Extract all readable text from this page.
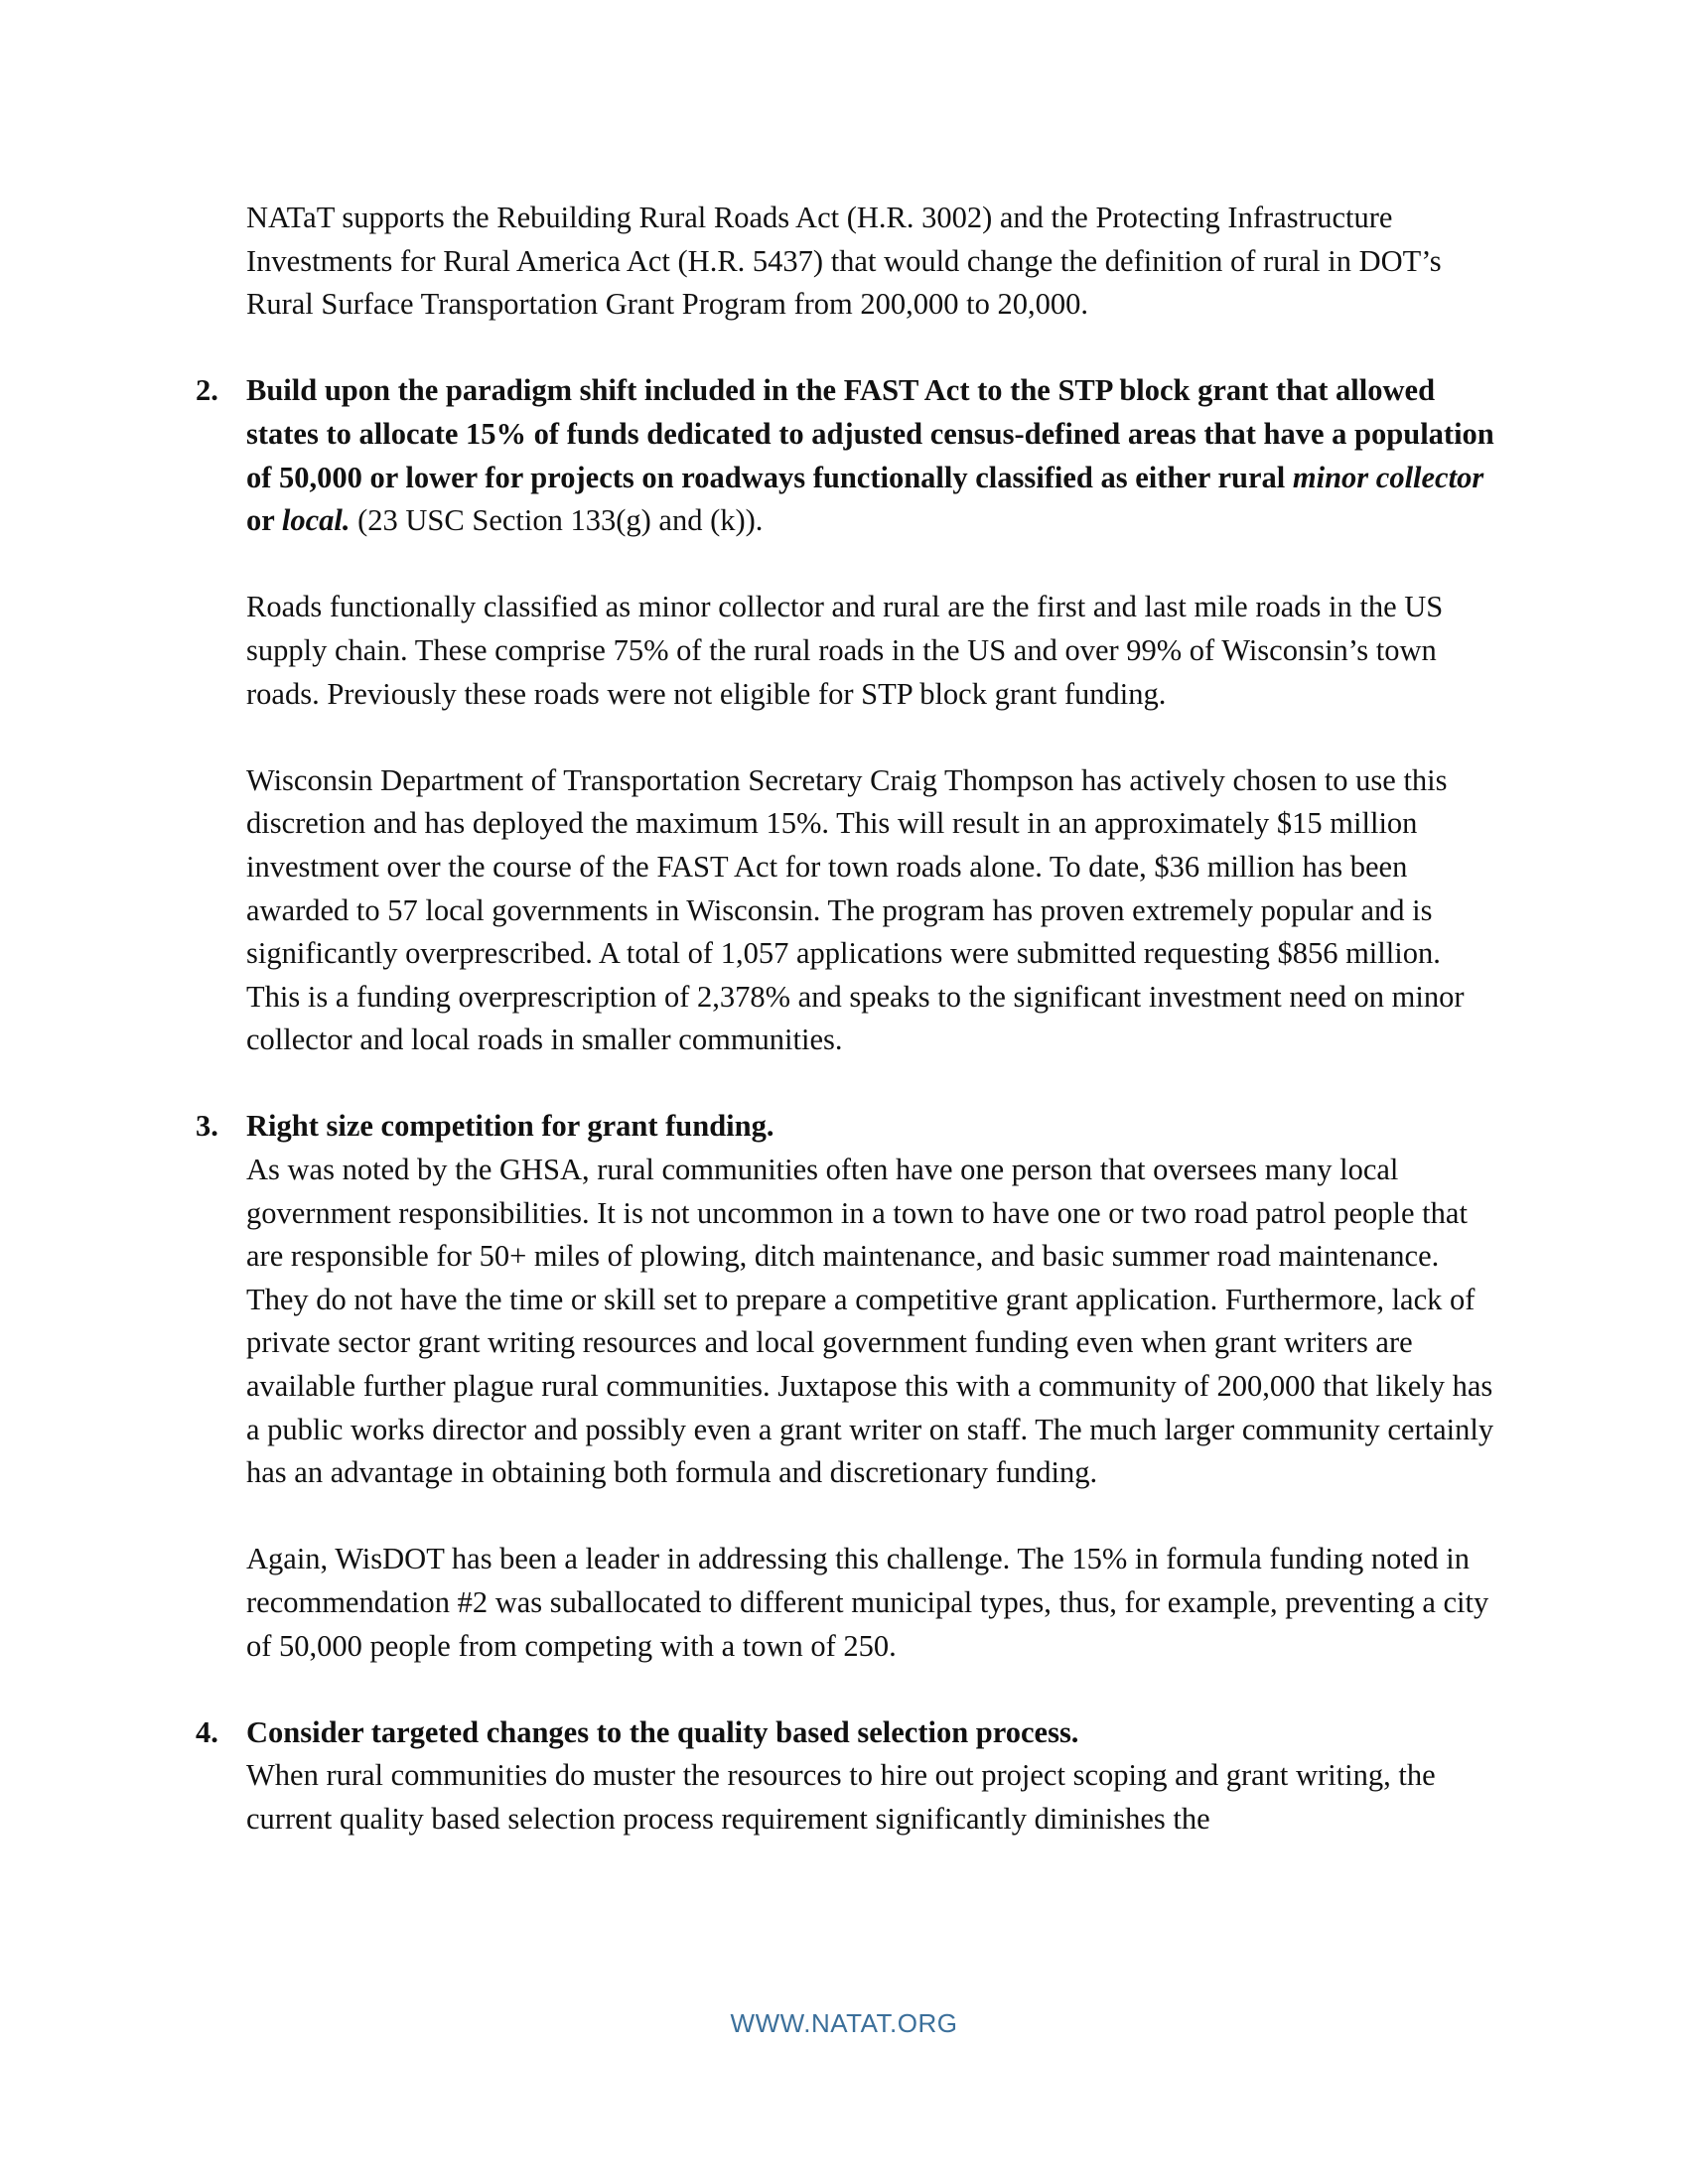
NATaT supports the Rebuilding Rural Roads Act (H.R. 3002) and the Protecting Infrastructure Investments for Rural America Act (H.R. 5437) that would change the definition of rural in DOT’s Rural Surface Transportation Grant Program from 200,000 to 20,000.

2. Build upon the paradigm shift included in the FAST Act to the STP block grant that allowed states to allocate 15% of funds dedicated to adjusted census-defined areas that have a population of 50,000 or lower for projects on roadways functionally classified as either rural minor collector or local. (23 USC Section 133(g) and (k)).

Roads functionally classified as minor collector and rural are the first and last mile roads in the US supply chain. These comprise 75% of the rural roads in the US and over 99% of Wisconsin’s town roads. Previously these roads were not eligible for STP block grant funding.

Wisconsin Department of Transportation Secretary Craig Thompson has actively chosen to use this discretion and has deployed the maximum 15%. This will result in an approximately $15 million investment over the course of the FAST Act for town roads alone. To date, $36 million has been awarded to 57 local governments in Wisconsin. The program has proven extremely popular and is significantly overprescribed. A total of 1,057 applications were submitted requesting $856 million. This is a funding overprescription of 2,378% and speaks to the significant investment need on minor collector and local roads in smaller communities.

3. Right size competition for grant funding.

As was noted by the GHSA, rural communities often have one person that oversees many local government responsibilities. It is not uncommon in a town to have one or two road patrol people that are responsible for 50+ miles of plowing, ditch maintenance, and basic summer road maintenance. They do not have the time or skill set to prepare a competitive grant application. Furthermore, lack of private sector grant writing resources and local government funding even when grant writers are available further plague rural communities. Juxtapose this with a community of 200,000 that likely has a public works director and possibly even a grant writer on staff. The much larger community certainly has an advantage in obtaining both formula and discretionary funding.

Again, WisDOT has been a leader in addressing this challenge. The 15% in formula funding noted in recommendation #2 was suballocated to different municipal types, thus, for example, preventing a city of 50,000 people from competing with a town of 250.

4. Consider targeted changes to the quality based selection process.

When rural communities do muster the resources to hire out project scoping and grant writing, the current quality based selection process requirement significantly diminishes the

WWW.NATAT.ORG
